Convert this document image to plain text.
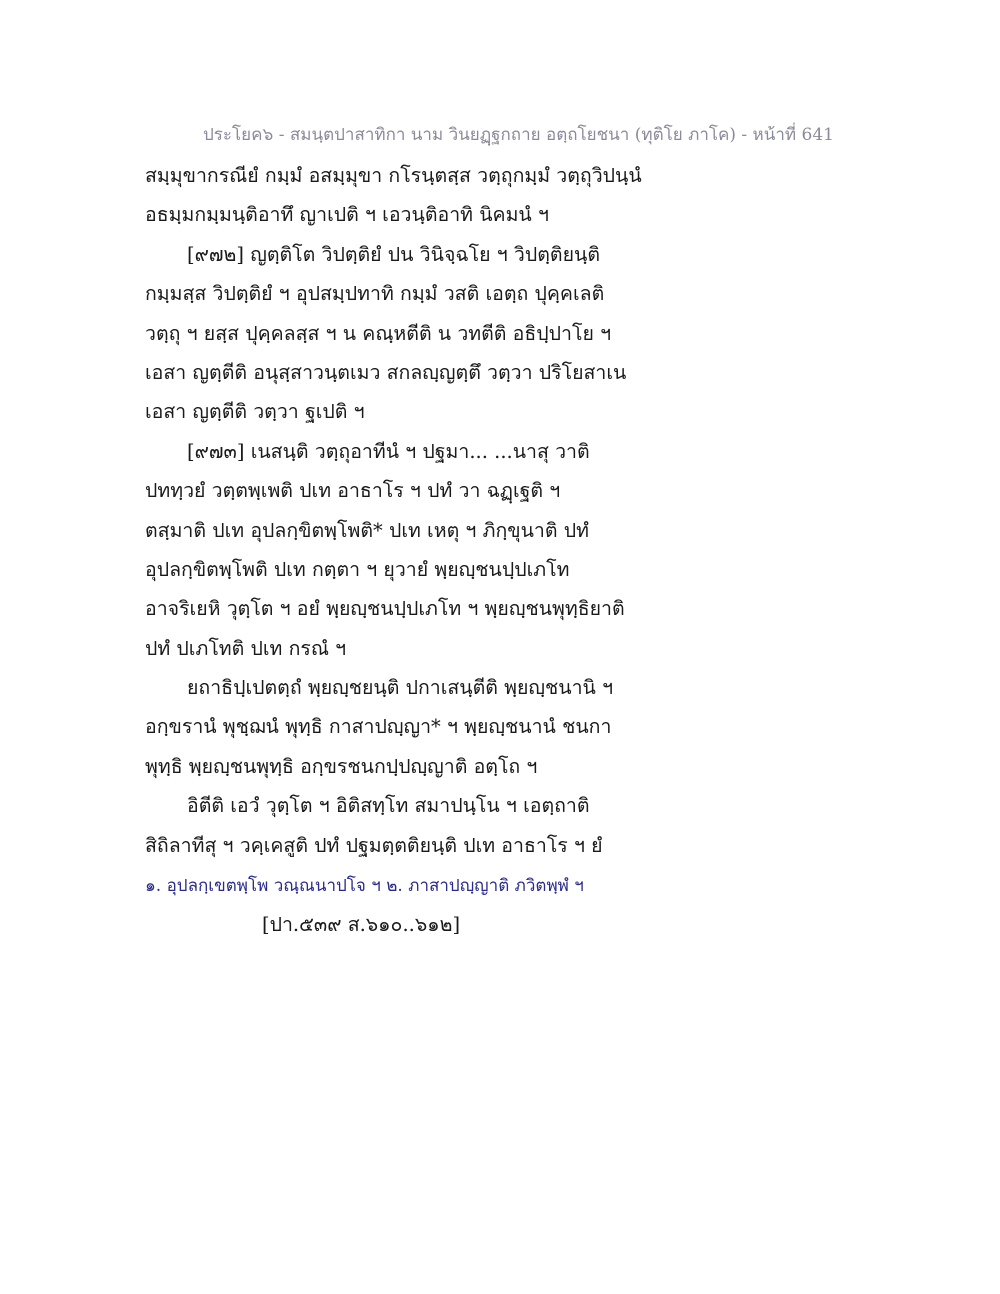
ประโยค๖ - สมนฺตปาสาทิกา นาม วินยฏฺฐกถาย อตฺถโยชนา (ทุติโย ภาโค) - หน้าที่ 641
สมฺมุขากรณียํ กมฺมํ อสมฺมุขา กโรนฺตสฺส วตฺถุกมฺมํ วตฺถุวิปนฺนํ
อธมฺมกมฺมนฺติอาทึ ญาเปติ ฯ เอวนฺติอาทิ นิคมนํ ฯ
[๙๗๒] ญตฺติโต วิปตฺติยํ ปน วินิจฺฉโย ฯ วิปตฺติยนฺติ
กมฺมสฺส วิปตฺติยํ ฯ อุปสมฺปทาทิ กมฺมํ วสติ เอตฺถ ปุคฺคเลติ
วตฺถุ ฯ ยสฺส ปุคฺคลสฺส ฯ น คณฺหตีติ น วทตีติ อธิปฺปาโย ฯ
เอสา ญตฺตีติ อนุสฺสาวนฺตเมว สกลญฺญตฺตึ วตฺวา ปริโยสาเน
เอสา ญตฺตีติ วตฺวา ฐเปติ ฯ
[๙๗๓] เนสนฺติ วตฺถุอาทีนํ ฯ ปฐมา... ...นาสุ วาติ
ปททฺวยํ วตฺตพฺเพติ ปเท อาธาโร ฯ ปทํ วา ฉฏฺเฐติ ฯ
ตสฺมาติ ปเท อุปลกฺขิตพฺโพติ* ปเท เหตุ ฯ ภิกฺขุนาติ ปทํ
อุปลกฺขิตพฺโพติ ปเท กตฺตา ฯ ยุวายํ พฺยญฺชนปฺปเภโท
อาจริเยหิ วุตฺโต ฯ อยํ พฺยญฺชนปฺปเภโท ฯ พฺยญฺชนพุทฺธิยาติ
ปทํ ปเภโทติ ปเท กรณํ ฯ
ยถาธิปฺเปตตฺถํ พฺยญฺชยนฺติ ปกาเสนฺตีติ พฺยญฺชนานิ ฯ
อกฺขรานํ พุชฺฌนํ พุทฺธิ กาสาปญฺญา* ฯ พฺยญฺชนานํ ชนกา
พุทฺธิ พฺยญฺชนพุทฺธิ อกฺขรชนกปฺปญฺญาติ อตฺโถ ฯ
อิตีติ เอวํ วุตฺโต ฯ อิติสทฺโท สมาปนฺโน ฯ เอตฺถาติ
สิถิลาทีสุ ฯ วคฺเคสูติ ปทํ ปฐมตฺตติยนฺติ ปเท อาธาโร ฯ ยํ
๑. อุปลกฺเขตพฺโพ วณฺณนาปโจ ฯ ๒. ภาสาปญฺญาติ ภวิตพฺพํ ฯ
[ปา.๕๓๙ ส.๖๑๐..๖๑๒]
